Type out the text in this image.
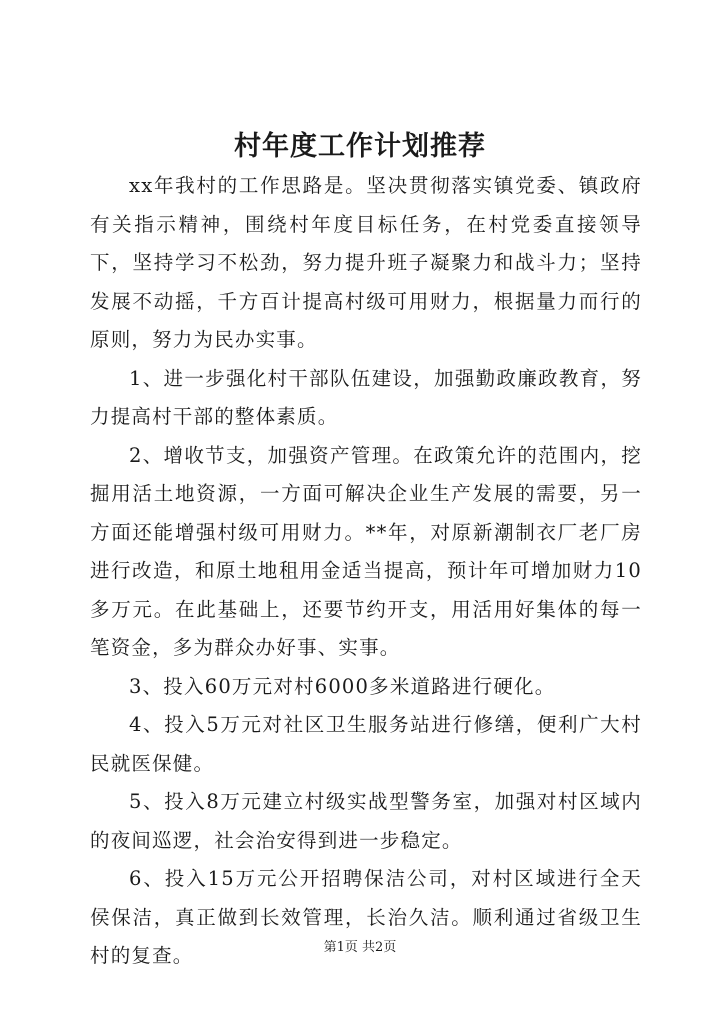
村年度工作计划推荐

xx年我村的工作思路是。坚决贯彻落实镇党委、镇政府有关指示精神，围绕村年度目标任务，在村党委直接领导下，坚持学习不松劲，努力提升班子凝聚力和战斗力；坚持发展不动摇，千方百计提高村级可用财力，根据量力而行的原则，努力为民办实事。

1、进一步强化村干部队伍建设，加强勤政廉政教育，努力提高村干部的整体素质。

2、增收节支，加强资产管理。在政策允许的范围内，挖掘用活土地资源，一方面可解决企业生产发展的需要，另一方面还能增强村级可用财力。**年，对原新潮制衣厂老厂房进行改造，和原土地租用金适当提高，预计年可增加财力10多万元。在此基础上，还要节约开支，用活用好集体的每一笔资金，多为群众办好事、实事。

3、投入60万元对村6000多米道路进行硬化。

4、投入5万元对社区卫生服务站进行修缮，便利广大村民就医保健。

5、投入8万元建立村级实战型警务室，加强对村区域内的夜间巡逻，社会治安得到进一步稳定。

6、投入15万元公开招聘保洁公司，对村区域进行全天侯保洁，真正做到长效管理，长治久洁。顺利通过省级卫生村的复查。	第1页 共2页
